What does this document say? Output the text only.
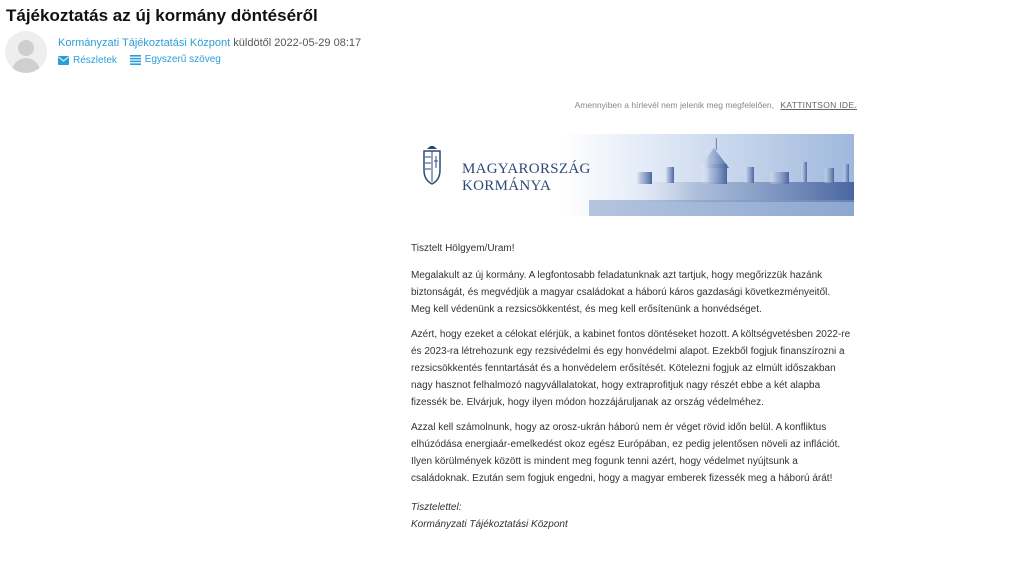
Tájékoztatás az új kormány döntéséről
Kormányzati Tájékoztatási Központ küldötől 2022-05-29 08:17
Részletek
	Egyszerű szöveg
Amennyiben a hírlevél nem jelenik meg megfelelően, KATTINTSON IDE.
MAGYARORSZÁG
KORMÁNYA

Tisztelt Hölgyem/Uram!

Megalakult az új kormány. A legfontosabb feladatunknak azt tartjuk, hogy megőrizzük hazánk biztonságát, és megvédjük a magyar családokat a háború káros gazdasági következményeitől. Meg kell védenünk a rezsicsökkentést, és meg kell erősítenünk a honvédséget.

Azért, hogy ezeket a célokat elérjük, a kabinet fontos döntéseket hozott. A költségvetésben 2022-re és 2023-ra létrehozunk egy rezsivédelmi és egy honvédelmi alapot. Ezekből fogjuk finanszírozni a rezsicsökkentés fenntartását és a honvédelem erősítését. Kötelezni fogjuk az elmúlt időszakban nagy hasznot felhalmozó nagyvállalatokat, hogy extraprofitjuk nagy részét ebbe a két alapba fizessék be. Elvárjuk, hogy ilyen módon hozzájáruljanak az ország védelméhez.

Azzal kell számolnunk, hogy az orosz-ukrán háború nem ér véget rövid időn belül. A konfliktus elhúzódása energiaár-emelkedést okoz egész Európában, ez pedig jelentősen növeli az inflációt. Ilyen körülmények között is mindent meg fogunk tenni azért, hogy védelmet nyújtsunk a családoknak. Ezután sem fogjuk engedni, hogy a magyar emberek fizessék meg a háború árát!

Tisztelettel:
Kormányzati Tájékoztatási Központ
